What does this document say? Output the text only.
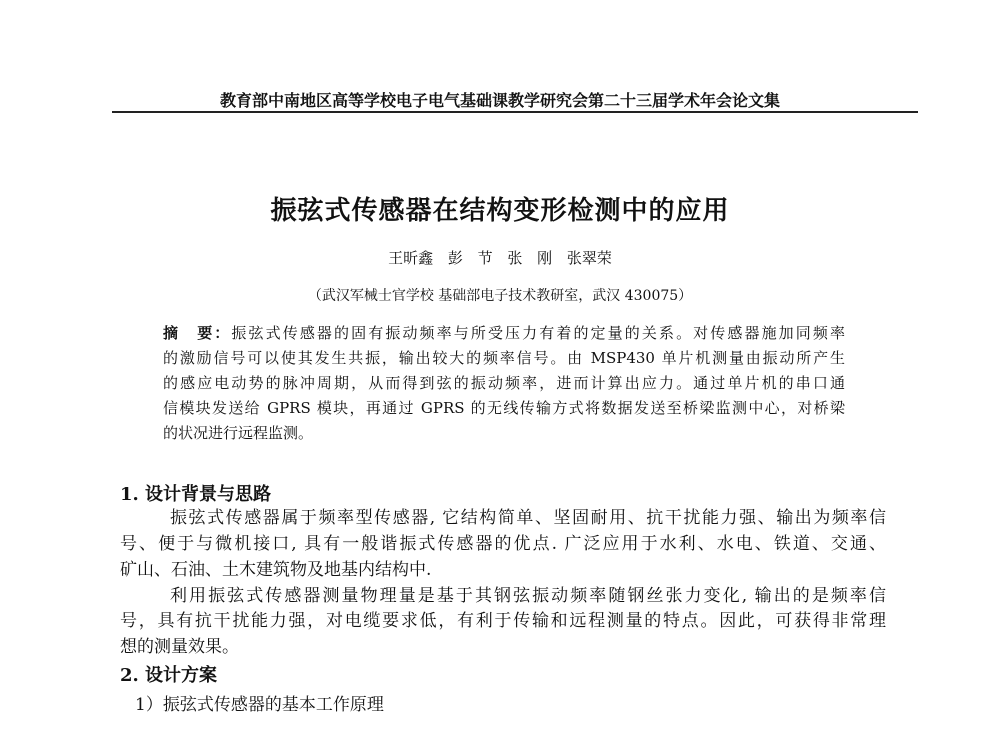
教育部中南地区高等学校电子电气基础课教学研究会第二十三届学术年会论文集
振弦式传感器在结构变形检测中的应用
王昕鑫 彭 节 张 刚 张翠荣
（武汉军械士官学校 基础部电子技术教研室，武汉 430075）
摘　要：振弦式传感器的固有振动频率与所受压力有着的定量的关系。对传感器施加同频率
的激励信号可以使其发生共振，输出较大的频率信号。由 MSP430 单片机测量由振动所产生
的感应电动势的脉冲周期，从而得到弦的振动频率，进而计算出应力。通过单片机的串口通
信模块发送给 GPRS 模块，再通过 GPRS 的无线传输方式将数据发送至桥梁监测中心，对桥梁
的状况进行远程监测。
1. 设计背景与思路
振弦式传感器属于频率型传感器, 它结构简单、坚固耐用、抗干扰能力强、输出为频率信
号、便于与微机接口, 具有一般谐振式传感器的优点. 广泛应用于水利、水电、铁道、交通、
矿山、石油、土木建筑物及地基内结构中.
利用振弦式传感器测量物理量是基于其钢弦振动频率随钢丝张力变化, 输出的是频率信
号，具有抗干扰能力强，对电缆要求低，有利于传输和远程测量的特点。因此，可获得非常理
想的测量效果。
2. 设计方案
1）振弦式传感器的基本工作原理
